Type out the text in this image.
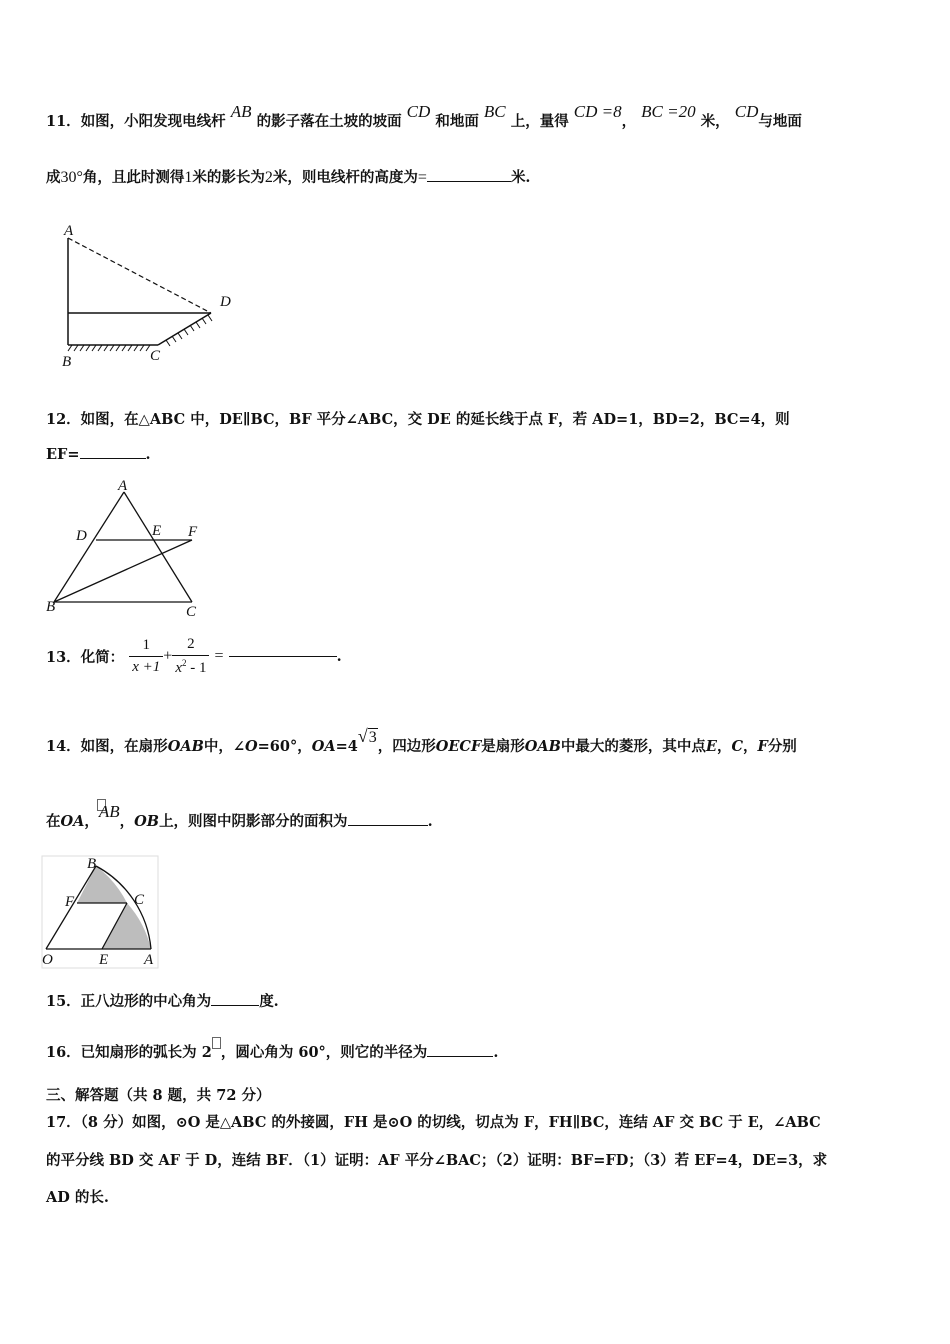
11．如图，小阳发现电线杆 AB 的影子落在土坡的坡面 CD 和地面 BC 上，量得 CD =8， BC =20 米， CD与地面
成30°角，且此时测得1米的影长为2米，则电线杆的高度为=	米.
A
D
B	C
12．如图，在△ABC 中，DE∥BC，BF 平分∠ABC，交 DE 的延长线于点 F，若 AD=1，BD=2，BC=4，则
EF=	.
A
D	E F
B	C
13．化简： $\frac{1}{x +1} + \frac{2}{x^2 - 1}$ =	.
14．如图，在扇形OAB中，∠O=60°，OA=4√3，四边形OECF是扇形OAB中最大的菱形，其中点E，C，F分别
在OA，
AB，OB上，则图中阴影部分的面积为	.
B
F	C
O	E A
15．正八边形的中心角为	度.
16．已知扇形的弧长为 2 ，圆心角为 60°，则它的半径为	.
三、解答题（共 8 题，共 72 分）
17．（8 分）如图，⊙O 是△ABC 的外接圆，FH 是⊙O 的切线，切点为 F，FH∥BC，连结 AF 交 BC 于 E，∠ABC
的平分线 BD 交 AF 于 D，连结 BF．（1）证明：AF 平分∠BAC；（2）证明：BF=FD；（3）若 EF=4，DE=3，求
AD 的长.
